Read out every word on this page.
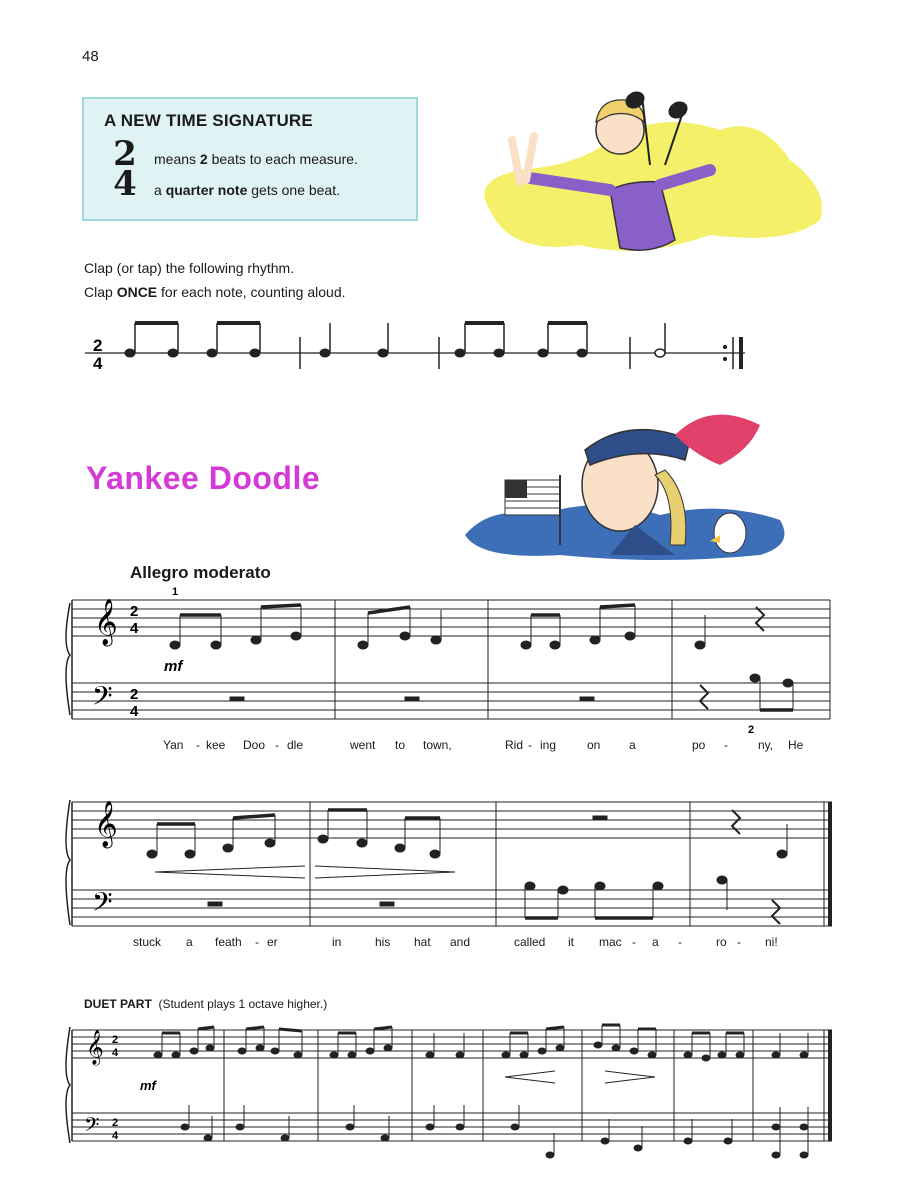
48
A NEW TIME SIGNATURE
2
4
means 2 beats to each measure.
a quarter note gets one beat.
Clap (or tap) the following rhythm.
Clap ONCE for each note, counting aloud.
2
4
Yankee Doodle
Allegro moderato
𝄞
𝄢
2
4
2
4
1
mf
2
Yan - kee Doo - dle	went to town,	Rid - ing	on a	po -	ny, He
𝄞
𝄢
stuck a feath - er	in	his hat and	called it mac - a -	ro - ni!
DUET PART (Student plays 1 octave higher.)
𝄞
𝄢
2
4
2
4
mf
